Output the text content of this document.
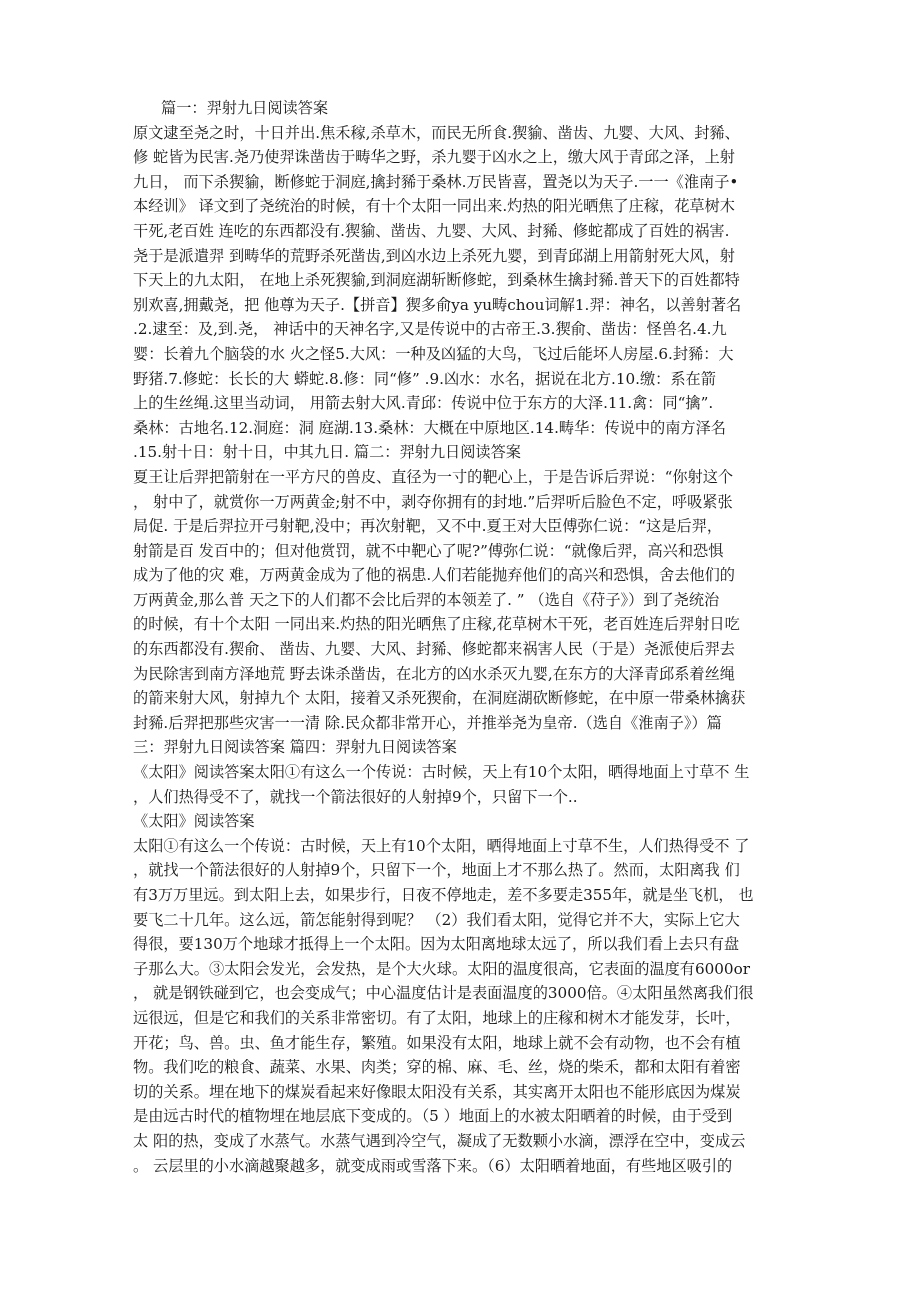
篇一：羿射九日阅读答案
原文逮至尧之时，十日并出.焦禾稼,杀草木，而民无所食.猰貐、凿齿、九婴、大风、封豨、
修 蛇皆为民害.尧乃使羿诛凿齿于畴华之野，杀九婴于凶水之上，缴大风于青邱之泽，上射
九日， 而下杀猰貐，断修蛇于洞庭,擒封豨于桑林.万民皆喜，置尧以为天子.一一《淮南子•
本经训》 译文到了尧统治的时候，有十个太阳一同出来.灼热的阳光晒焦了庄稼，花草树木
干死,老百姓 连吃的东西都没有.猰貐、凿齿、九婴、大风、封豨、修蛇都成了百姓的祸害.
尧于是派遣羿 到畴华的荒野杀死凿齿,到凶水边上杀死九婴，到青邱湖上用箭射死大风，射
下天上的九太阳， 在地上杀死猰貐,到洞庭湖斩断修蛇，到桑林生擒封豨.普天下的百姓都特
别欢喜,拥戴尧，把 他尊为天子.【拼音】猰多俞ya yu畴chou词解1.羿：神名，以善射著名
.2.逮至：及,到.尧， 神话中的天神名字,又是传说中的古帝王.3.猰俞、凿齿：怪兽名.4.九
婴：长着九个脑袋的水 火之怪5.大风：一种及凶猛的大鸟，飞过后能坏人房屋.6.封豨：大
野猪.7.修蛇：长长的大 蟒蛇.8.修：同“修” .9.凶水：水名，据说在北方.10.缴：系在箭
上的生丝绳.这里当动词， 用箭去射大风.青邱：传说中位于东方的大泽.11.禽：同“擒”.
桑林：古地名.12.洞庭：洞 庭湖.13.桑林：大概在中原地区.14.畴华：传说中的南方泽名
.15.射十日：射十日，中其九日. 篇二：羿射九日阅读答案
夏王让后羿把箭射在一平方尺的兽皮、直径为一寸的靶心上，于是告诉后羿说：“你射这个
， 射中了，就赏你一万两黄金;射不中，剥夺你拥有的封地.”后羿听后脸色不定，呼吸紧张
局促. 于是后羿拉开弓射靶,没中；再次射靶，又不中.夏王对大臣傅弥仁说：“这是后羿，
射箭是百 发百中的；但对他赏罚，就不中靶心了呢?”傅弥仁说：“就像后羿，高兴和恐惧
成为了他的灾 难，万两黄金成为了他的祸患.人们若能抛弃他们的高兴和恐惧，舍去他们的
万两黄金,那么普 天之下的人们都不会比后羿的本领差了. ” （选自《苻子》）到了尧统治
的时候，有十个太阳 一同出来.灼热的阳光晒焦了庄稼,花草树木干死，老百姓连后羿射日吃
的东西都没有.猰俞、 凿齿、九婴、大风、封豨、修蛇都来祸害人民（于是）尧派使后羿去
为民除害到南方泽地荒 野去诛杀凿齿，在北方的凶水杀灭九婴,在东方的大泽青邱系着丝绳
的箭来射大风，射掉九个 太阳，接着又杀死猰俞，在洞庭湖砍断修蛇，在中原一带桑林擒获
封豨.后羿把那些灾害一一清 除.民众都非常开心，并推举尧为皇帝.（选自《淮南子》）篇
三：羿射九日阅读答案 篇四：羿射九日阅读答案
《太阳》阅读答案太阳①有这么一个传说：古时候，天上有10个太阳，晒得地面上寸草不 生
，人们热得受不了，就找一个箭法很好的人射掉9个，只留下一个..
《太阳》阅读答案
太阳①有这么一个传说：古时候，天上有10个太阳，晒得地面上寸草不生，人们热得受不 了
，就找一个箭法很好的人射掉9个，只留下一个，地面上才不那么热了。然而，太阳离我 们
有3万万里远。到太阳上去，如果步行，日夜不停地走，差不多要走355年，就是坐飞机， 也
要飞二十几年。这么远，箭怎能射得到呢？ （2）我们看太阳，觉得它并不大，实际上它大
得很，要130万个地球才抵得上一个太阳。因为太阳离地球太远了，所以我们看上去只有盘
子那么大。③太阳会发光，会发热，是个大火球。太阳的温度很高，它表面的温度有6000or
， 就是钢铁碰到它，也会变成气；中心温度估计是表面温度的3000倍。④太阳虽然离我们很
远很远，但是它和我们的关系非常密切。有了太阳，地球上的庄稼和树木才能发芽，长叶，
开花；鸟、兽。虫、鱼才能生存，繁殖。如果没有太阳，地球上就不会有动物，也不会有植
物。我们吃的粮食、蔬菜、水果、肉类；穿的棉、麻、毛、丝，烧的柴禾，都和太阳有着密
切的关系。埋在地下的煤炭看起来好像眼太阳没有关系，其实离开太阳也不能形底因为煤炭
是由远古时代的植物埋在地层底下变成的。（5 ）地面上的水被太阳晒着的时候，由于受到
太 阳的热，变成了水蒸气。水蒸气遇到冷空气，凝成了无数颗小水滴，漂浮在空中，变成云
。 云层里的小水滴越聚越多，就变成雨或雪落下来。（6）太阳晒着地面，有些地区吸引的
